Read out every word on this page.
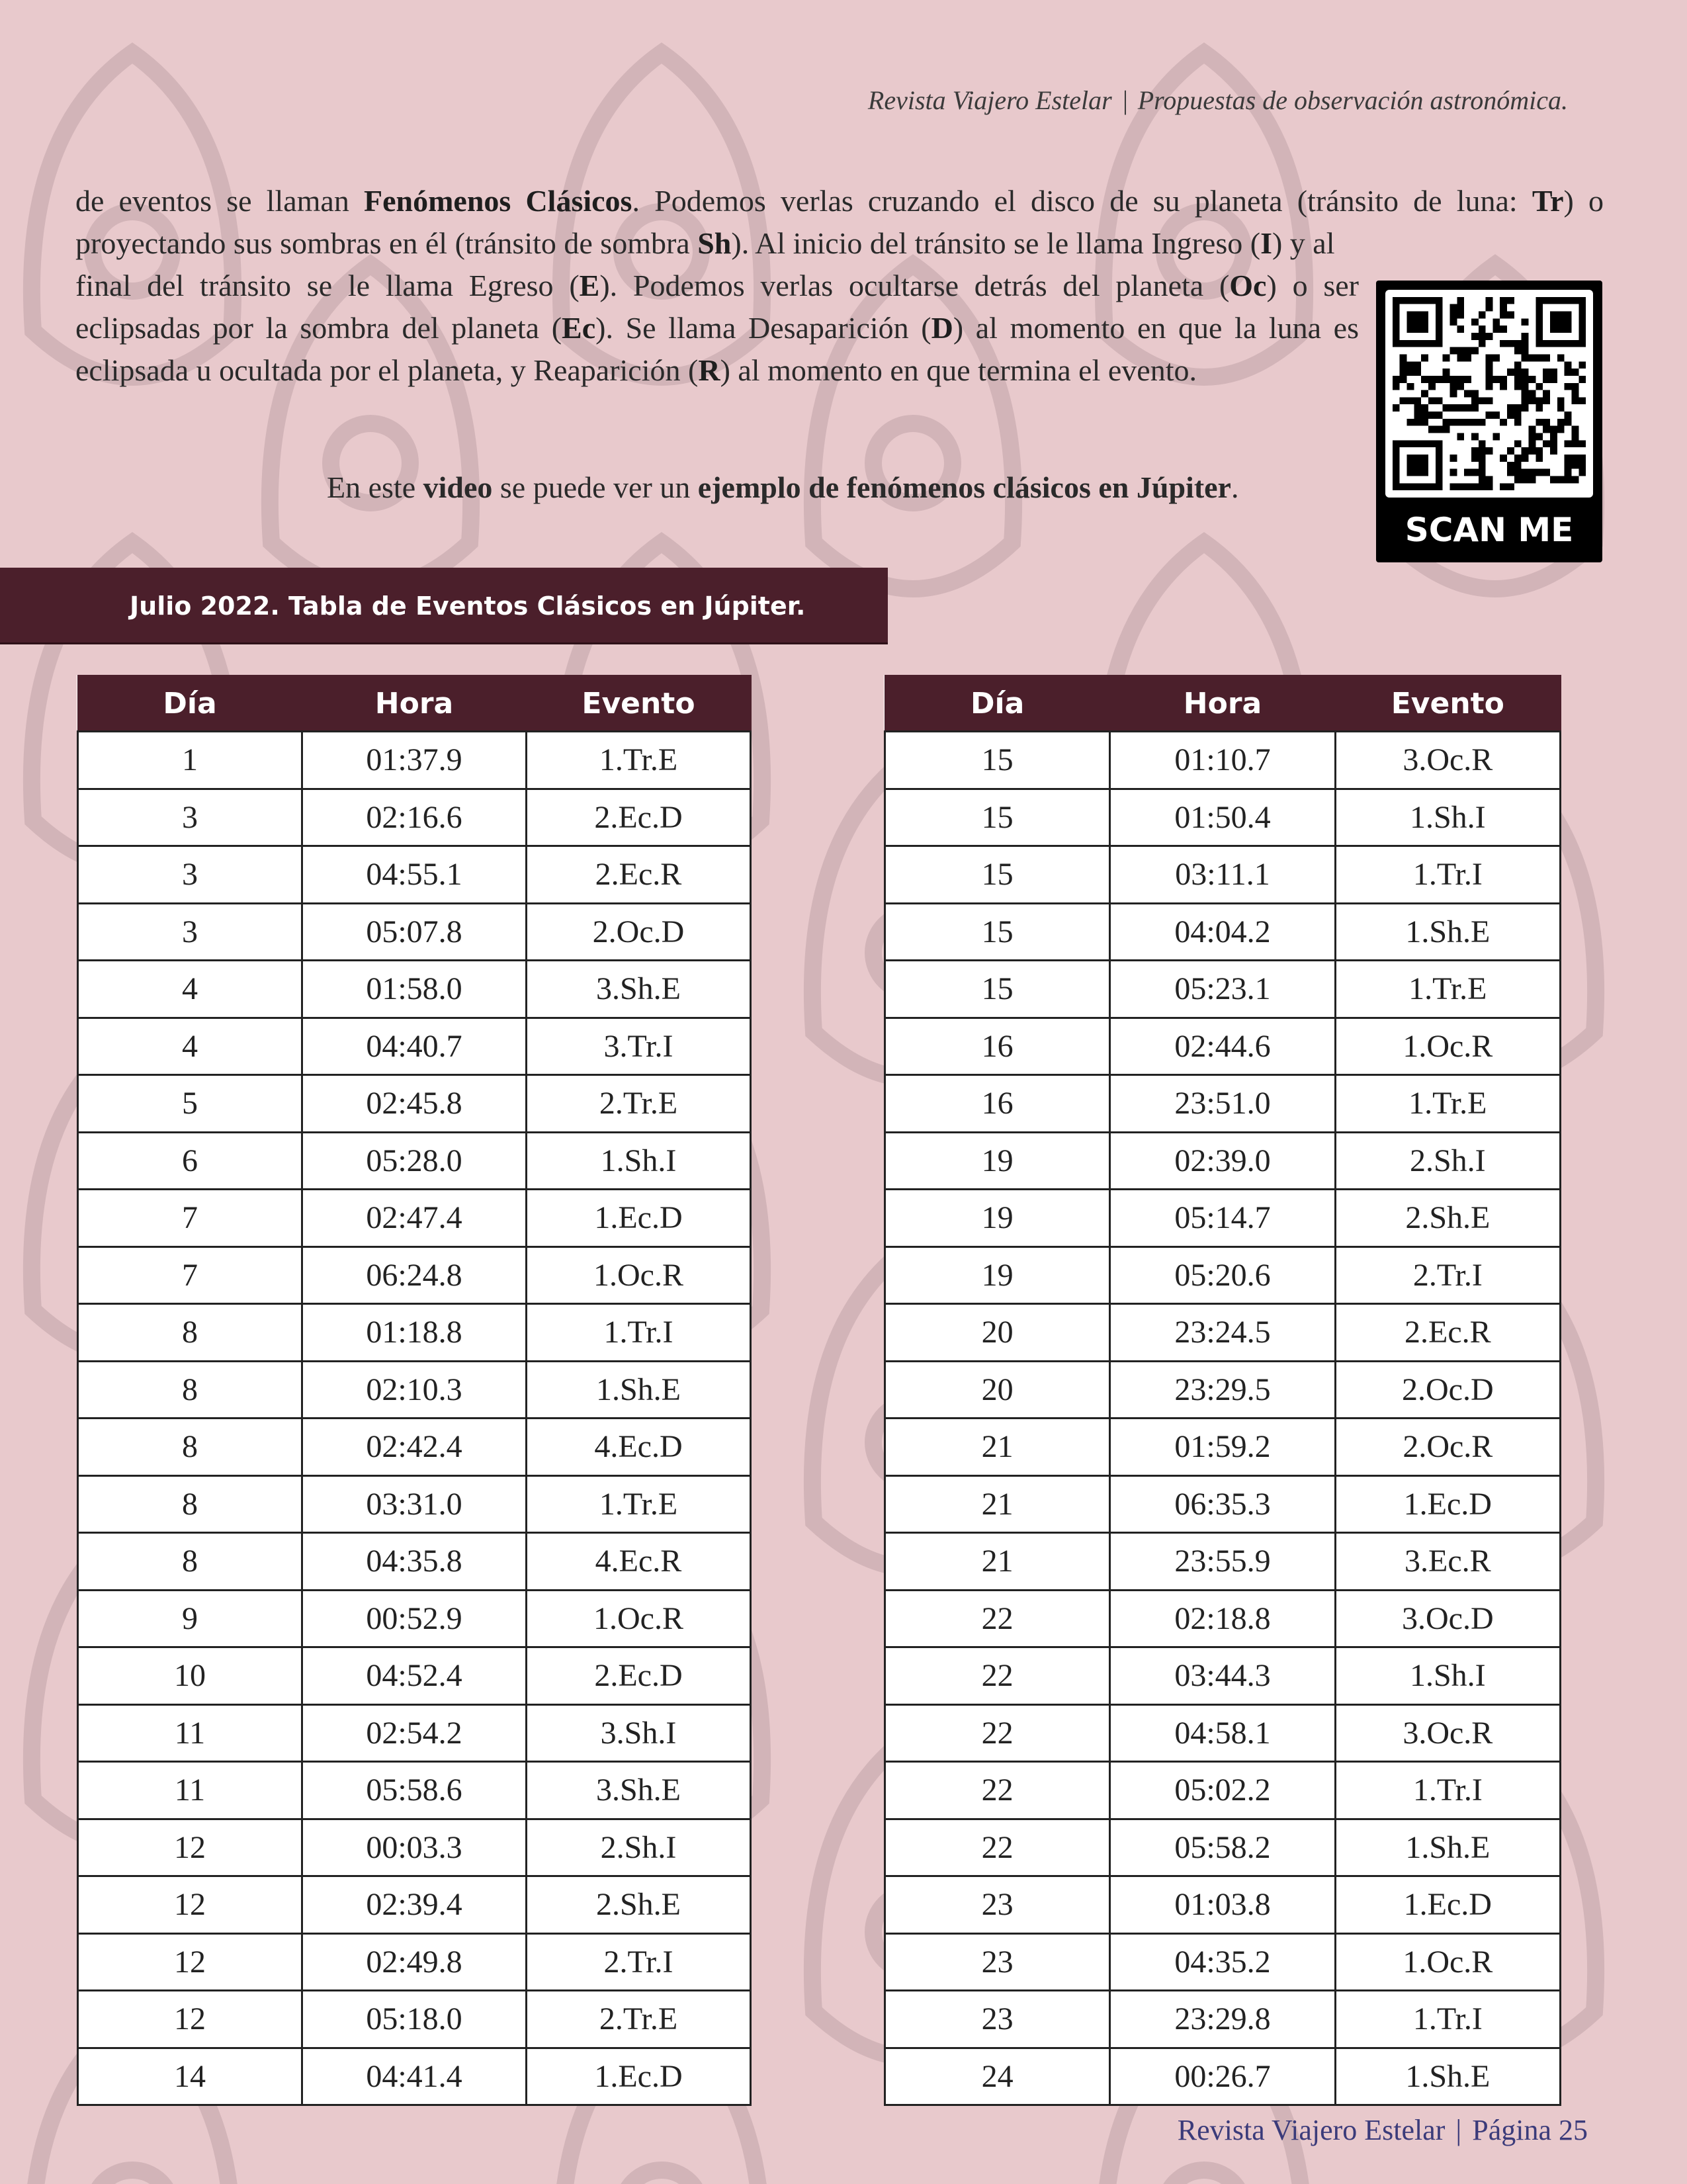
Revista Viajero Estelar | Propuestas de observación astronómica.
de eventos se llaman Fenómenos Clásicos. Podemos verlas cruzando el disco de su planeta (tránsito de luna: Tr) o proyectando sus sombras en él (tránsito de sombra Sh). Al inicio del tránsito se le llama Ingreso (I) y al
final del tránsito se le llama Egreso (E). Podemos verlas ocultarse detrás del planeta (Oc) o ser eclipsadas por la sombra del planeta (Ec). Se llama Desaparición (D) al momento en que la luna es eclipsada u ocultada por el planeta, y Reaparición (R) al momento en que termina el evento.
En este video se puede ver un ejemplo de fenómenos clásicos en Júpiter.
SCAN ME
Julio 2022. Tabla de Eventos Clásicos en Júpiter.
Día	Hora	Evento
1	01:37.9	1.Tr.E
3	02:16.6	2.Ec.D
3	04:55.1	2.Ec.R
3	05:07.8	2.Oc.D
4	01:58.0	3.Sh.E
4	04:40.7	3.Tr.I
5	02:45.8	2.Tr.E
6	05:28.0	1.Sh.I
7	02:47.4	1.Ec.D
7	06:24.8	1.Oc.R
8	01:18.8	1.Tr.I
8	02:10.3	1.Sh.E
8	02:42.4	4.Ec.D
8	03:31.0	1.Tr.E
8	04:35.8	4.Ec.R
9	00:52.9	1.Oc.R
10	04:52.4	2.Ec.D
11	02:54.2	3.Sh.I
11	05:58.6	3.Sh.E
12	00:03.3	2.Sh.I
12	02:39.4	2.Sh.E
12	02:49.8	2.Tr.I
12	05:18.0	2.Tr.E
14	04:41.4	1.Ec.D
Día	Hora	Evento
15	01:10.7	3.Oc.R
15	01:50.4	1.Sh.I
15	03:11.1	1.Tr.I
15	04:04.2	1.Sh.E
15	05:23.1	1.Tr.E
16	02:44.6	1.Oc.R
16	23:51.0	1.Tr.E
19	02:39.0	2.Sh.I
19	05:14.7	2.Sh.E
19	05:20.6	2.Tr.I
20	23:24.5	2.Ec.R
20	23:29.5	2.Oc.D
21	01:59.2	2.Oc.R
21	06:35.3	1.Ec.D
21	23:55.9	3.Ec.R
22	02:18.8	3.Oc.D
22	03:44.3	1.Sh.I
22	04:58.1	3.Oc.R
22	05:02.2	1.Tr.I
22	05:58.2	1.Sh.E
23	01:03.8	1.Ec.D
23	04:35.2	1.Oc.R
23	23:29.8	1.Tr.I
24	00:26.7	1.Sh.E
Revista Viajero Estelar | Página 25
